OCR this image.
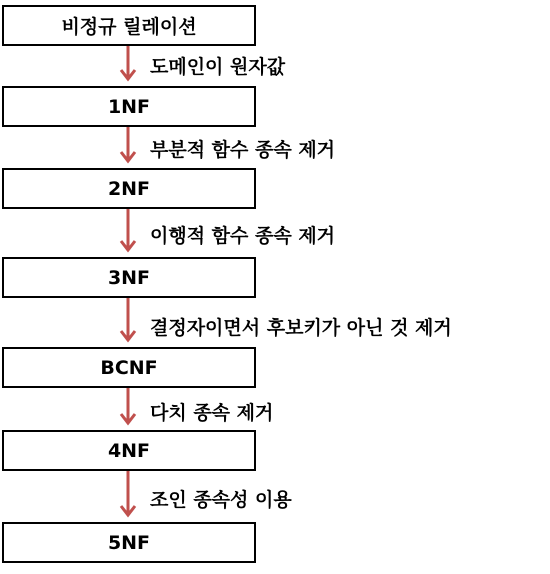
비정규 릴레이션
도메인이 원자값
1NF
부분적 함수 종속 제거
2NF
이행적 함수 종속 제거
3NF
결정자이면서 후보키가 아닌 것 제거
BCNF
다치 종속 제거
4NF
조인 종속성 이용
5NF
